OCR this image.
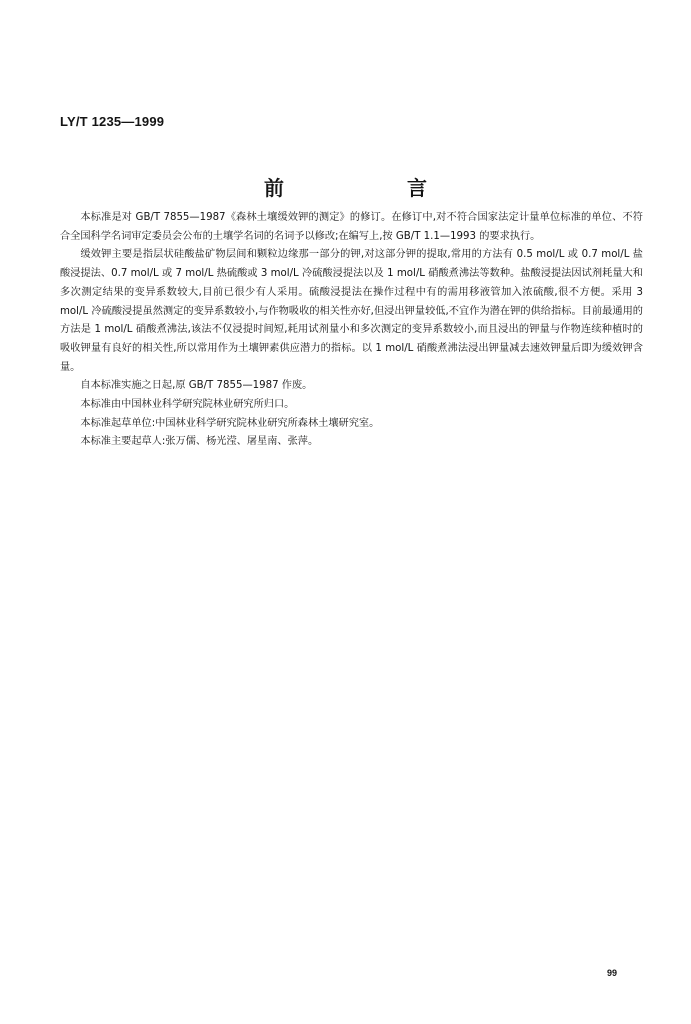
LY/T 1235—1999
前 言

本标准是对 GB/T 7855—1987《森林土壤缓效钾的测定》的修订。在修订中,对不符合国家法定计量单位标准的单位、不符合全国科学名词审定委员会公布的土壤学名词的名词予以修改;在编写上,按 GB/T 1.1—1993 的要求执行。

缓效钾主要是指层状硅酸盐矿物层间和颗粒边缘那一部分的钾,对这部分钾的提取,常用的方法有 0.5 mol/L 或 0.7 mol/L 盐酸浸提法、0.7 mol/L 或 7 mol/L 热硫酸或 3 mol/L 冷硫酸浸提法以及 1 mol/L 硝酸煮沸法等数种。盐酸浸提法因试剂耗量大和多次测定结果的变异系数较大,目前已很少有人采用。硫酸浸提法在操作过程中有的需用移液管加入浓硫酸,很不方便。采用 3 mol/L 冷硫酸浸提虽然测定的变异系数较小,与作物吸收的相关性亦好,但浸出钾量较低,不宜作为潜在钾的供给指标。目前最通用的方法是 1 mol/L 硝酸煮沸法,该法不仅浸提时间短,耗用试剂量小和多次测定的变异系数较小,而且浸出的钾量与作物连续种植时的吸收钾量有良好的相关性,所以常用作为土壤钾素供应潜力的指标。以 1 mol/L 硝酸煮沸法浸出钾量减去速效钾量后即为缓效钾含量。

自本标准实施之日起,原 GB/T 7855—1987 作废。

本标准由中国林业科学研究院林业研究所归口。

本标准起草单位:中国林业科学研究院林业研究所森林土壤研究室。

本标准主要起草人:张万儒、杨光滢、屠星南、张萍。

99
